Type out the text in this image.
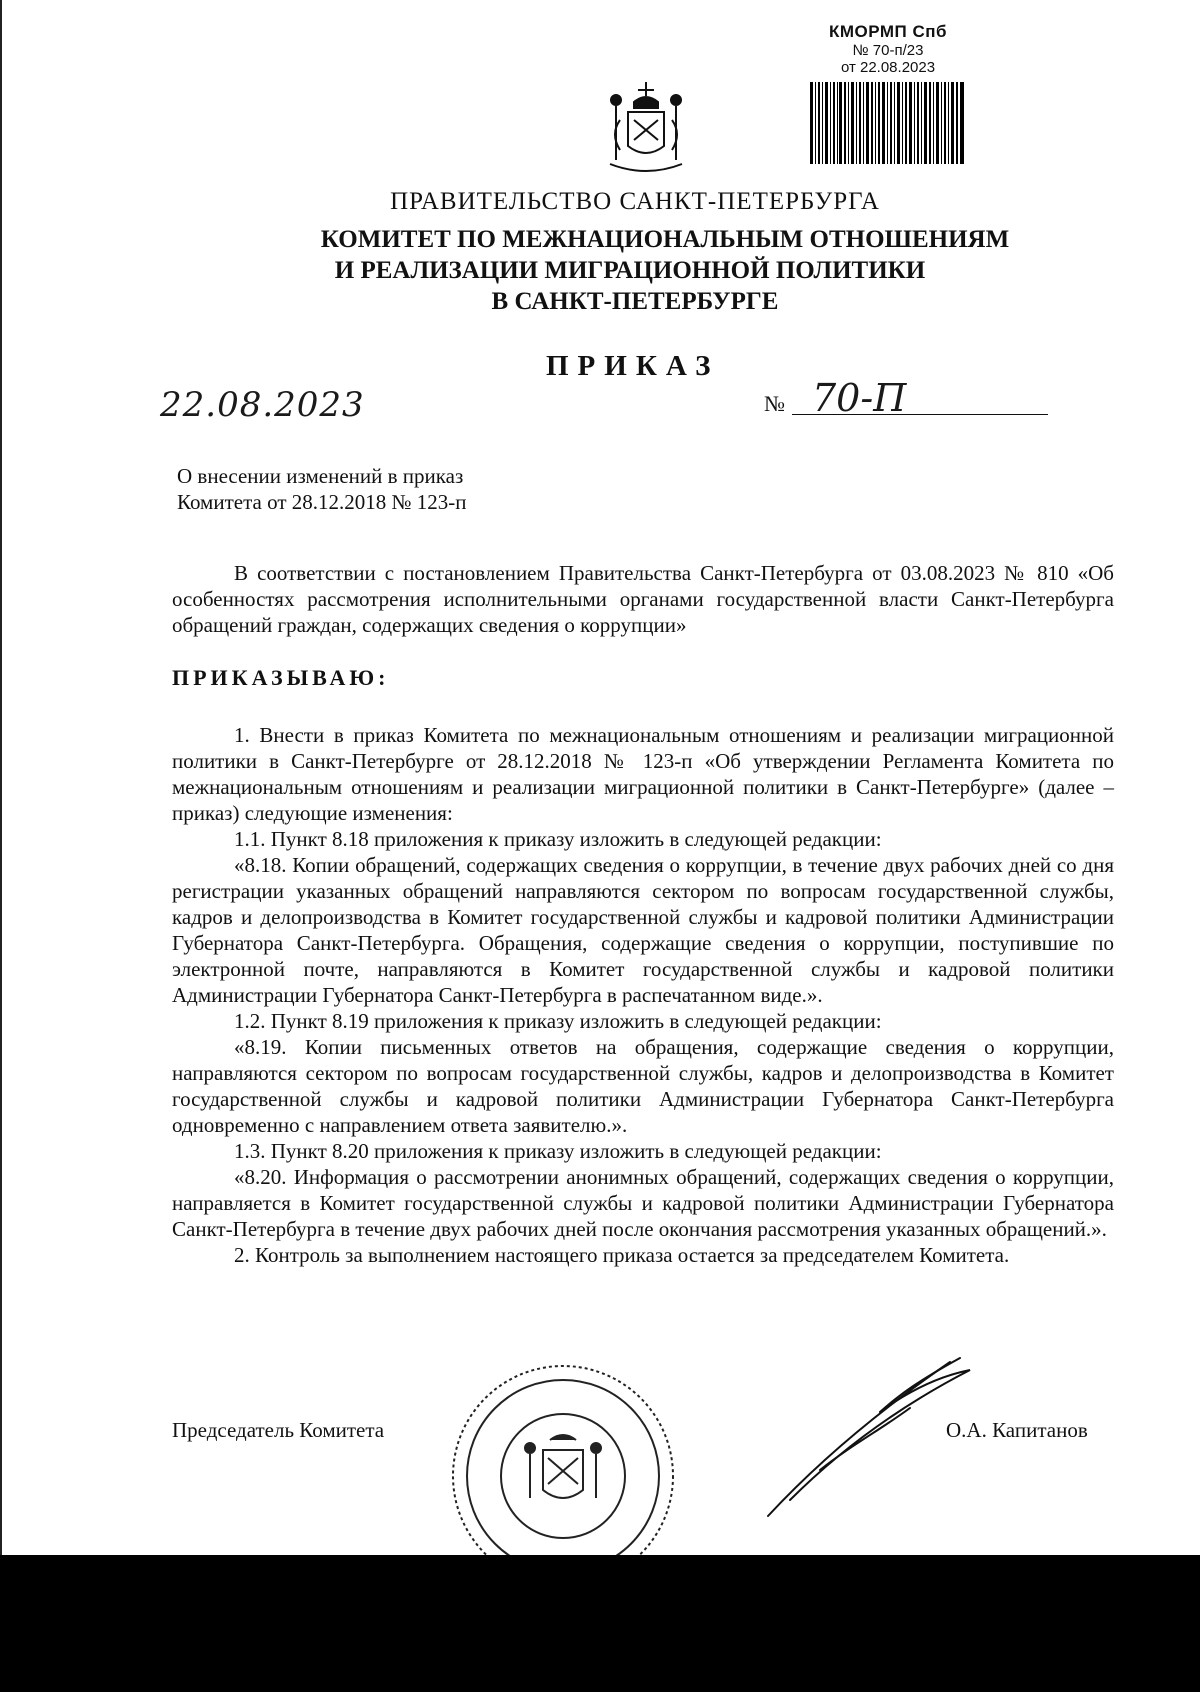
КМОРМП Спб
№ 70-п/23
от 22.08.2023
ПРАВИТЕЛЬСТВО САНКТ-ПЕТЕРБУРГА
КОМИТЕТ ПО МЕЖНАЦИОНАЛЬНЫМ ОТНОШЕНИЯМ
И РЕАЛИЗАЦИИ МИГРАЦИОННОЙ ПОЛИТИКИ
В САНКТ-ПЕТЕРБУРГЕ
ПРИКАЗ
22.08.2023	№ 70-П
О внесении изменений в приказ
Комитета от 28.12.2018 № 123-п

В соответствии с постановлением Правительства Санкт-Петербурга от 03.08.2023 № 810 «Об особенностях рассмотрения исполнительными органами государственной власти Санкт-Петербурга обращений граждан, содержащих сведения о коррупции»

ПРИКАЗЫВАЮ:

1. Внести в приказ Комитета по межнациональным отношениям и реализации миграционной политики в Санкт-Петербурге от 28.12.2018 № 123-п «Об утверждении Регламента Комитета по межнациональным отношениям и реализации миграционной политики в Санкт-Петербурге» (далее – приказ) следующие изменения:

1.1. Пункт 8.18 приложения к приказу изложить в следующей редакции:

«8.18. Копии обращений, содержащих сведения о коррупции, в течение двух рабочих дней со дня регистрации указанных обращений направляются сектором по вопросам государственной службы, кадров и делопроизводства в Комитет государственной службы и кадровой политики Администрации Губернатора Санкт-Петербурга. Обращения, содержащие сведения о коррупции, поступившие по электронной почте, направляются в Комитет государственной службы и кадровой политики Администрации Губернатора Санкт-Петербурга в распечатанном виде.».

1.2. Пункт 8.19 приложения к приказу изложить в следующей редакции:

«8.19. Копии письменных ответов на обращения, содержащие сведения о коррупции, направляются сектором по вопросам государственной службы, кадров и делопроизводства в Комитет государственной службы и кадровой политики Администрации Губернатора Санкт-Петербурга одновременно с направлением ответа заявителю.».

1.3. Пункт 8.20 приложения к приказу изложить в следующей редакции:

«8.20. Информация о рассмотрении анонимных обращений, содержащих сведения о коррупции, направляется в Комитет государственной службы и кадровой политики Администрации Губернатора Санкт-Петербурга в течение двух рабочих дней после окончания рассмотрения указанных обращений.».

2. Контроль за выполнением настоящего приказа остается за председателем Комитета.

Председатель Комитета	О.А. Капитанов
